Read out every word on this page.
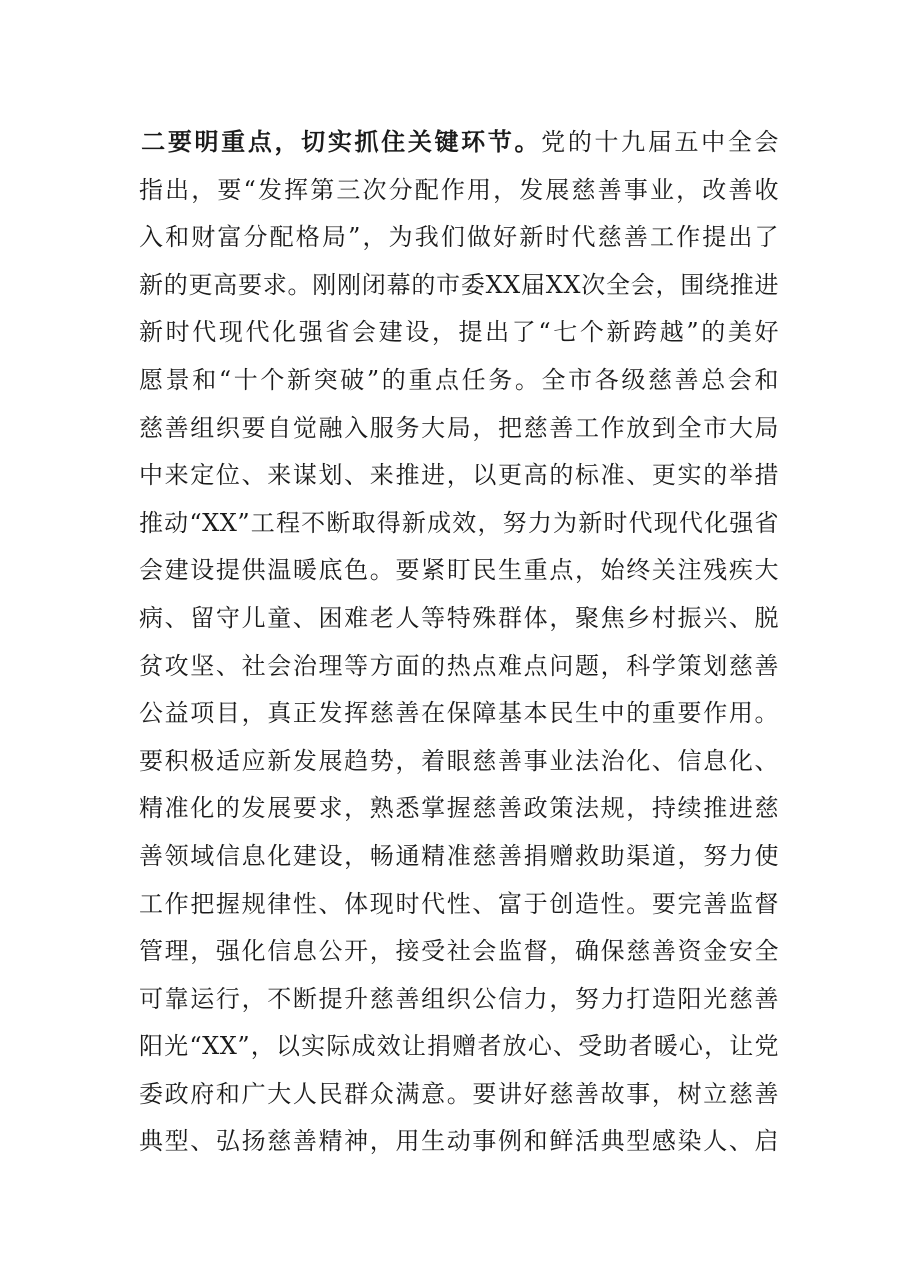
二要明重点，切实抓住关键环节。党的十九届五中全会
指出，要“发挥第三次分配作用，发展慈善事业，改善收
入和财富分配格局”，为我们做好新时代慈善工作提出了
新的更高要求。刚刚闭幕的市委XX届XX次全会，围绕推进
新时代现代化强省会建设，提出了“七个新跨越”的美好
愿景和“十个新突破”的重点任务。全市各级慈善总会和
慈善组织要自觉融入服务大局，把慈善工作放到全市大局
中来定位、来谋划、来推进，以更高的标准、更实的举措
推动“XX”工程不断取得新成效，努力为新时代现代化强省
会建设提供温暖底色。要紧盯民生重点，始终关注残疾大
病、留守儿童、困难老人等特殊群体，聚焦乡村振兴、脱
贫攻坚、社会治理等方面的热点难点问题，科学策划慈善
公益项目，真正发挥慈善在保障基本民生中的重要作用。
要积极适应新发展趋势，着眼慈善事业法治化、信息化、
精准化的发展要求，熟悉掌握慈善政策法规，持续推进慈
善领域信息化建设，畅通精准慈善捐赠救助渠道，努力使
工作把握规律性、体现时代性、富于创造性。要完善监督
管理，强化信息公开，接受社会监督，确保慈善资金安全
可靠运行，不断提升慈善组织公信力，努力打造阳光慈善
阳光“XX”，以实际成效让捐赠者放心、受助者暖心，让党
委政府和广大人民群众满意。要讲好慈善故事，树立慈善
典型、弘扬慈善精神，用生动事例和鲜活典型感染人、启
